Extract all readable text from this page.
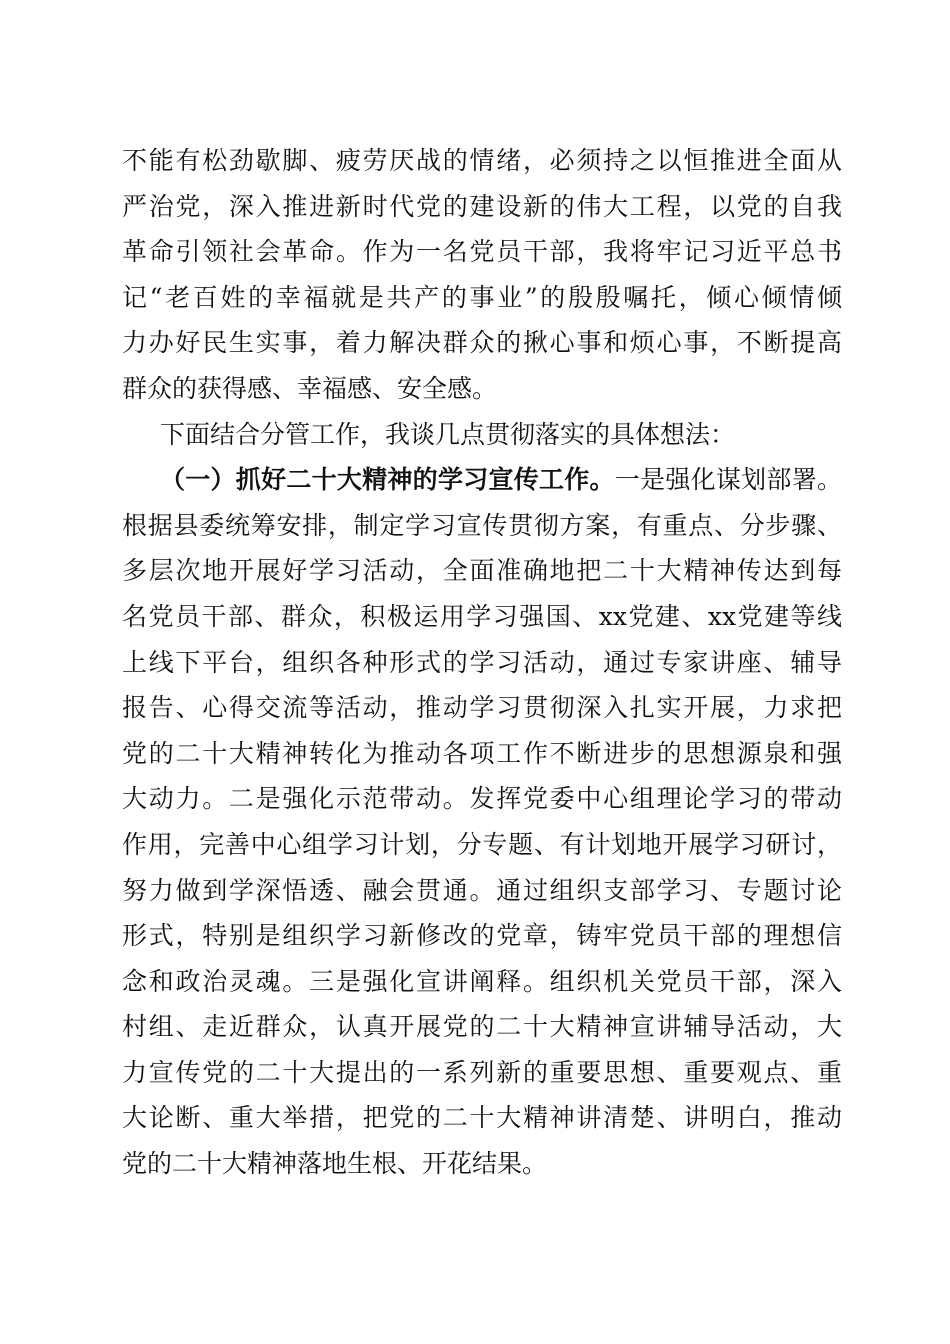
不能有松劲歇脚、疲劳厌战的情绪，必须持之以恒推进全面从
严治党，深入推进新时代党的建设新的伟大工程，以党的自我
革命引领社会革命。作为一名党员干部，我将牢记习近平总书
记“老百姓的幸福就是共产的事业”的殷殷嘱托，倾心倾情倾
力办好民生实事，着力解决群众的揪心事和烦心事，不断提高
群众的获得感、幸福感、安全感。
下面结合分管工作，我谈几点贯彻落实的具体想法：
（一）抓好二十大精神的学习宣传工作。一是强化谋划部署。
根据县委统筹安排，制定学习宣传贯彻方案，有重点、分步骤、
多层次地开展好学习活动，全面准确地把二十大精神传达到每
名党员干部、群众，积极运用学习强国、xx党建、xx党建等线
上线下平台，组织各种形式的学习活动，通过专家讲座、辅导
报告、心得交流等活动，推动学习贯彻深入扎实开展，力求把
党的二十大精神转化为推动各项工作不断进步的思想源泉和强
大动力。二是强化示范带动。发挥党委中心组理论学习的带动
作用，完善中心组学习计划，分专题、有计划地开展学习研讨，
努力做到学深悟透、融会贯通。通过组织支部学习、专题讨论
形式，特别是组织学习新修改的党章，铸牢党员干部的理想信
念和政治灵魂。三是强化宣讲阐释。组织机关党员干部，深入
村组、走近群众，认真开展党的二十大精神宣讲辅导活动，大
力宣传党的二十大提出的一系列新的重要思想、重要观点、重
大论断、重大举措，把党的二十大精神讲清楚、讲明白，推动
党的二十大精神落地生根、开花结果。
